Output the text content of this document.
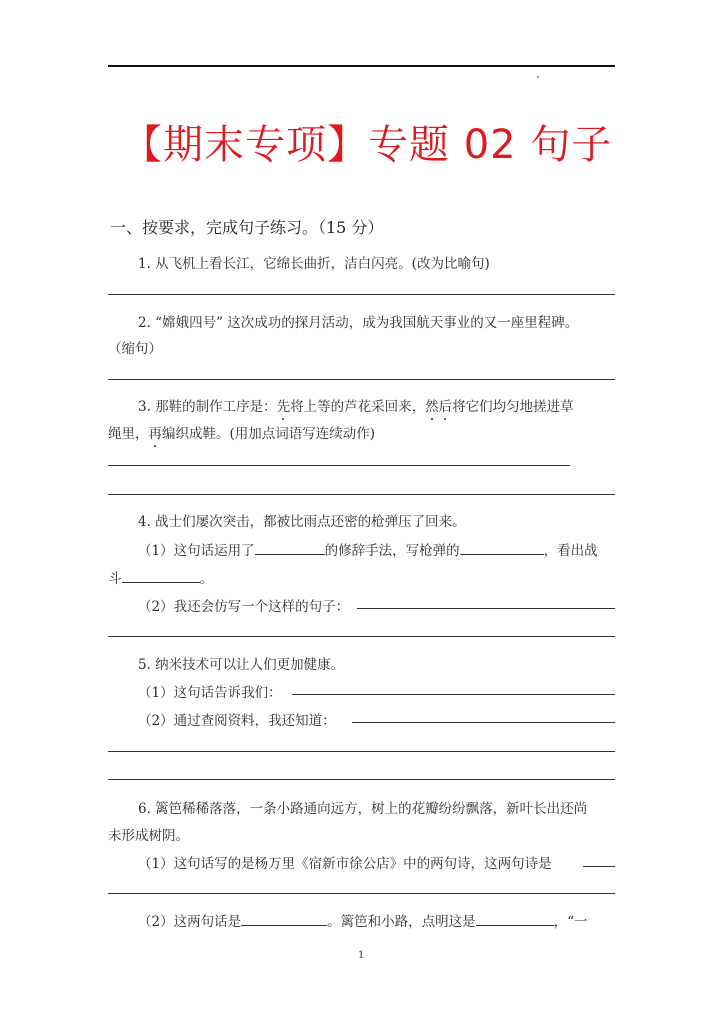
【期末专项】专题 02 句子
一、按要求，完成句子练习。（15 分）
1. 从飞机上看长江，它绵长曲折，洁白闪亮。(改为比喻句)
2. “嫦娥四号” 这次成功的探月活动，成为我国航天事业的又一座里程碑。
（缩句）
3. 那鞋的制作工序是：先将上等的芦花采回来，然后将它们均匀地搓进草
绳里，再编织成鞋。(用加点词语写连续动作)
4. 战士们屡次突击，都被比雨点还密的枪弹压了回来。
（1）这句话运用了	的修辞手法，写枪弹的	，看出战
斗	。
（2）我还会仿写一个这样的句子：
5. 纳米技术可以让人们更加健康。
（1）这句话告诉我们：
（2）通过查阅资料，我还知道：
6. 篱笆稀稀落落，一条小路通向远方，树上的花瓣纷纷飘落，新叶长出还尚
未形成树阴。
（1）这句话写的是杨万里《宿新市徐公店》中的两句诗，这两句诗是
（2）这两句话是	。篱笆和小路，点明这是	，“一
1
